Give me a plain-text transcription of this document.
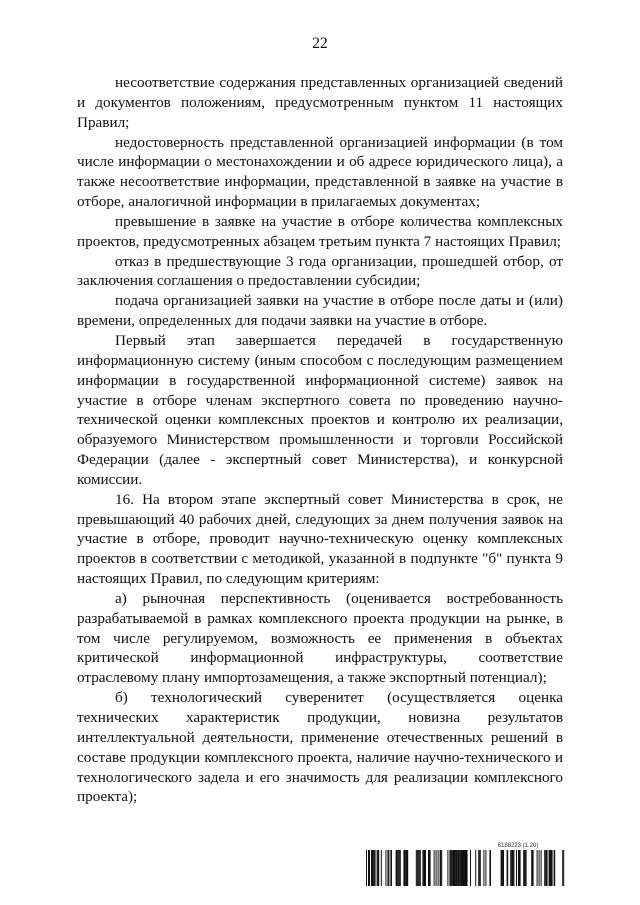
22

несоответствие содержания представленных организацией сведений и документов положениям, предусмотренным пунктом 11 настоящих Правил;

недостоверность представленной организацией информации (в том числе информации о местонахождении и об адресе юридического лица), а также несоответствие информации, представленной в заявке на участие в отборе, аналогичной информации в прилагаемых документах;

превышение в заявке на участие в отборе количества комплексных проектов, предусмотренных абзацем третьим пункта 7 настоящих Правил;

отказ в предшествующие 3 года организации, прошедшей отбор, от заключения соглашения о предоставлении субсидии;

подача организацией заявки на участие в отборе после даты и (или) времени, определенных для подачи заявки на участие в отборе.

Первый этап завершается передачей в государственную информационную систему (иным способом с последующим размещением информации в государственной информационной системе) заявок на участие в отборе членам экспертного совета по проведению научно-технической оценки комплексных проектов и контролю их реализации, образуемого Министерством промышленности и торговли Российской Федерации (далее - экспертный совет Министерства), и конкурсной комиссии.

16. На втором этапе экспертный совет Министерства в срок, не превышающий 40 рабочих дней, следующих за днем получения заявок на участие в отборе, проводит научно-техническую оценку комплексных проектов в соответствии с методикой, указанной в подпункте "б" пункта 9 настоящих Правил, по следующим критериям:

а) рыночная перспективность (оценивается востребованность разрабатываемой в рамках комплексного проекта продукции на рынке, в том числе регулируемом, возможность ее применения в объектах критической информационной инфраструктуры, соответствие отраслевому плану импортозамещения, а также экспортный потенциал);

б) технологический суверенитет (осуществляется оценка технических характеристик продукции, новизна результатов интеллектуальной деятельности, применение отечественных решений в составе продукции комплексного проекта, наличие научно-технического и технологического задела и его значимость для реализации комплексного проекта);

6188223 (1.20)
